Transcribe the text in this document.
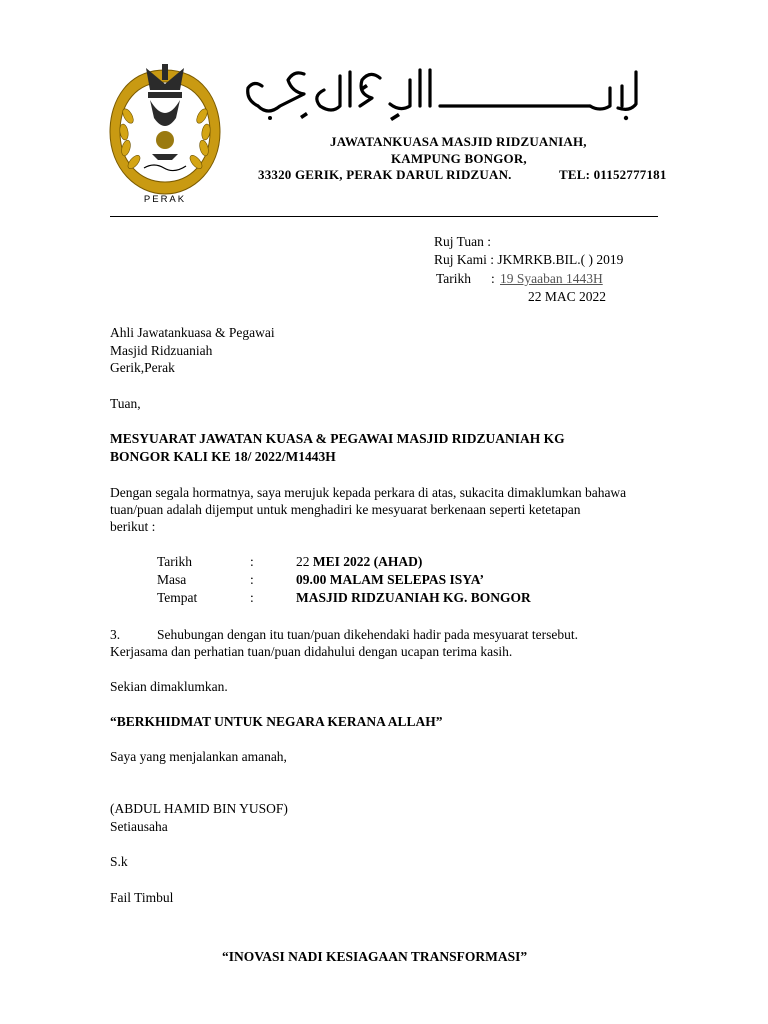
PERAK
JAWATANKUASA MASJID RIDZUANIAH,
KAMPUNG BONGOR,
33320 GERIK, PERAK DARUL RIDZUAN.	TEL: 01152777181
Ruj Tuan :
Ruj Kami : JKMRKB.BIL.( ) 2019
Tarikh : 19 Syaaban 1443H
22 MAC 2022
Ahli Jawatankuasa & Pegawai
Masjid Ridzuaniah
Gerik,Perak
Tuan,
MESYUARAT JAWATAN KUASA & PEGAWAI MASJID RIDZUANIAH KG
BONGOR KALI KE 18/ 2022/M1443H
Dengan segala hormatnya, saya merujuk kepada perkara di atas, sukacita dimaklumkan bahawa
tuan/puan adalah dijemput untuk menghadiri ke mesyuarat berkenaan seperti ketetapan
berikut :
Tarikh	:	22 MEI 2022 (AHAD)
Masa	:	09.00 MALAM SELEPAS ISYA’
Tempat	:	MASJID RIDZUANIAH KG. BONGOR
3.	Sehubungan dengan itu tuan/puan dikehendaki hadir pada mesyuarat tersebut.
Kerjasama dan perhatian tuan/puan didahului dengan ucapan terima kasih.
Sekian dimaklumkan.
“BERKHIDMAT UNTUK NEGARA KERANA ALLAH”
Saya yang menjalankan amanah,
(ABDUL HAMID BIN YUSOF)
Setiausaha
S.k
Fail Timbul
“INOVASI NADI KESIAGAAN TRANSFORMASI”
